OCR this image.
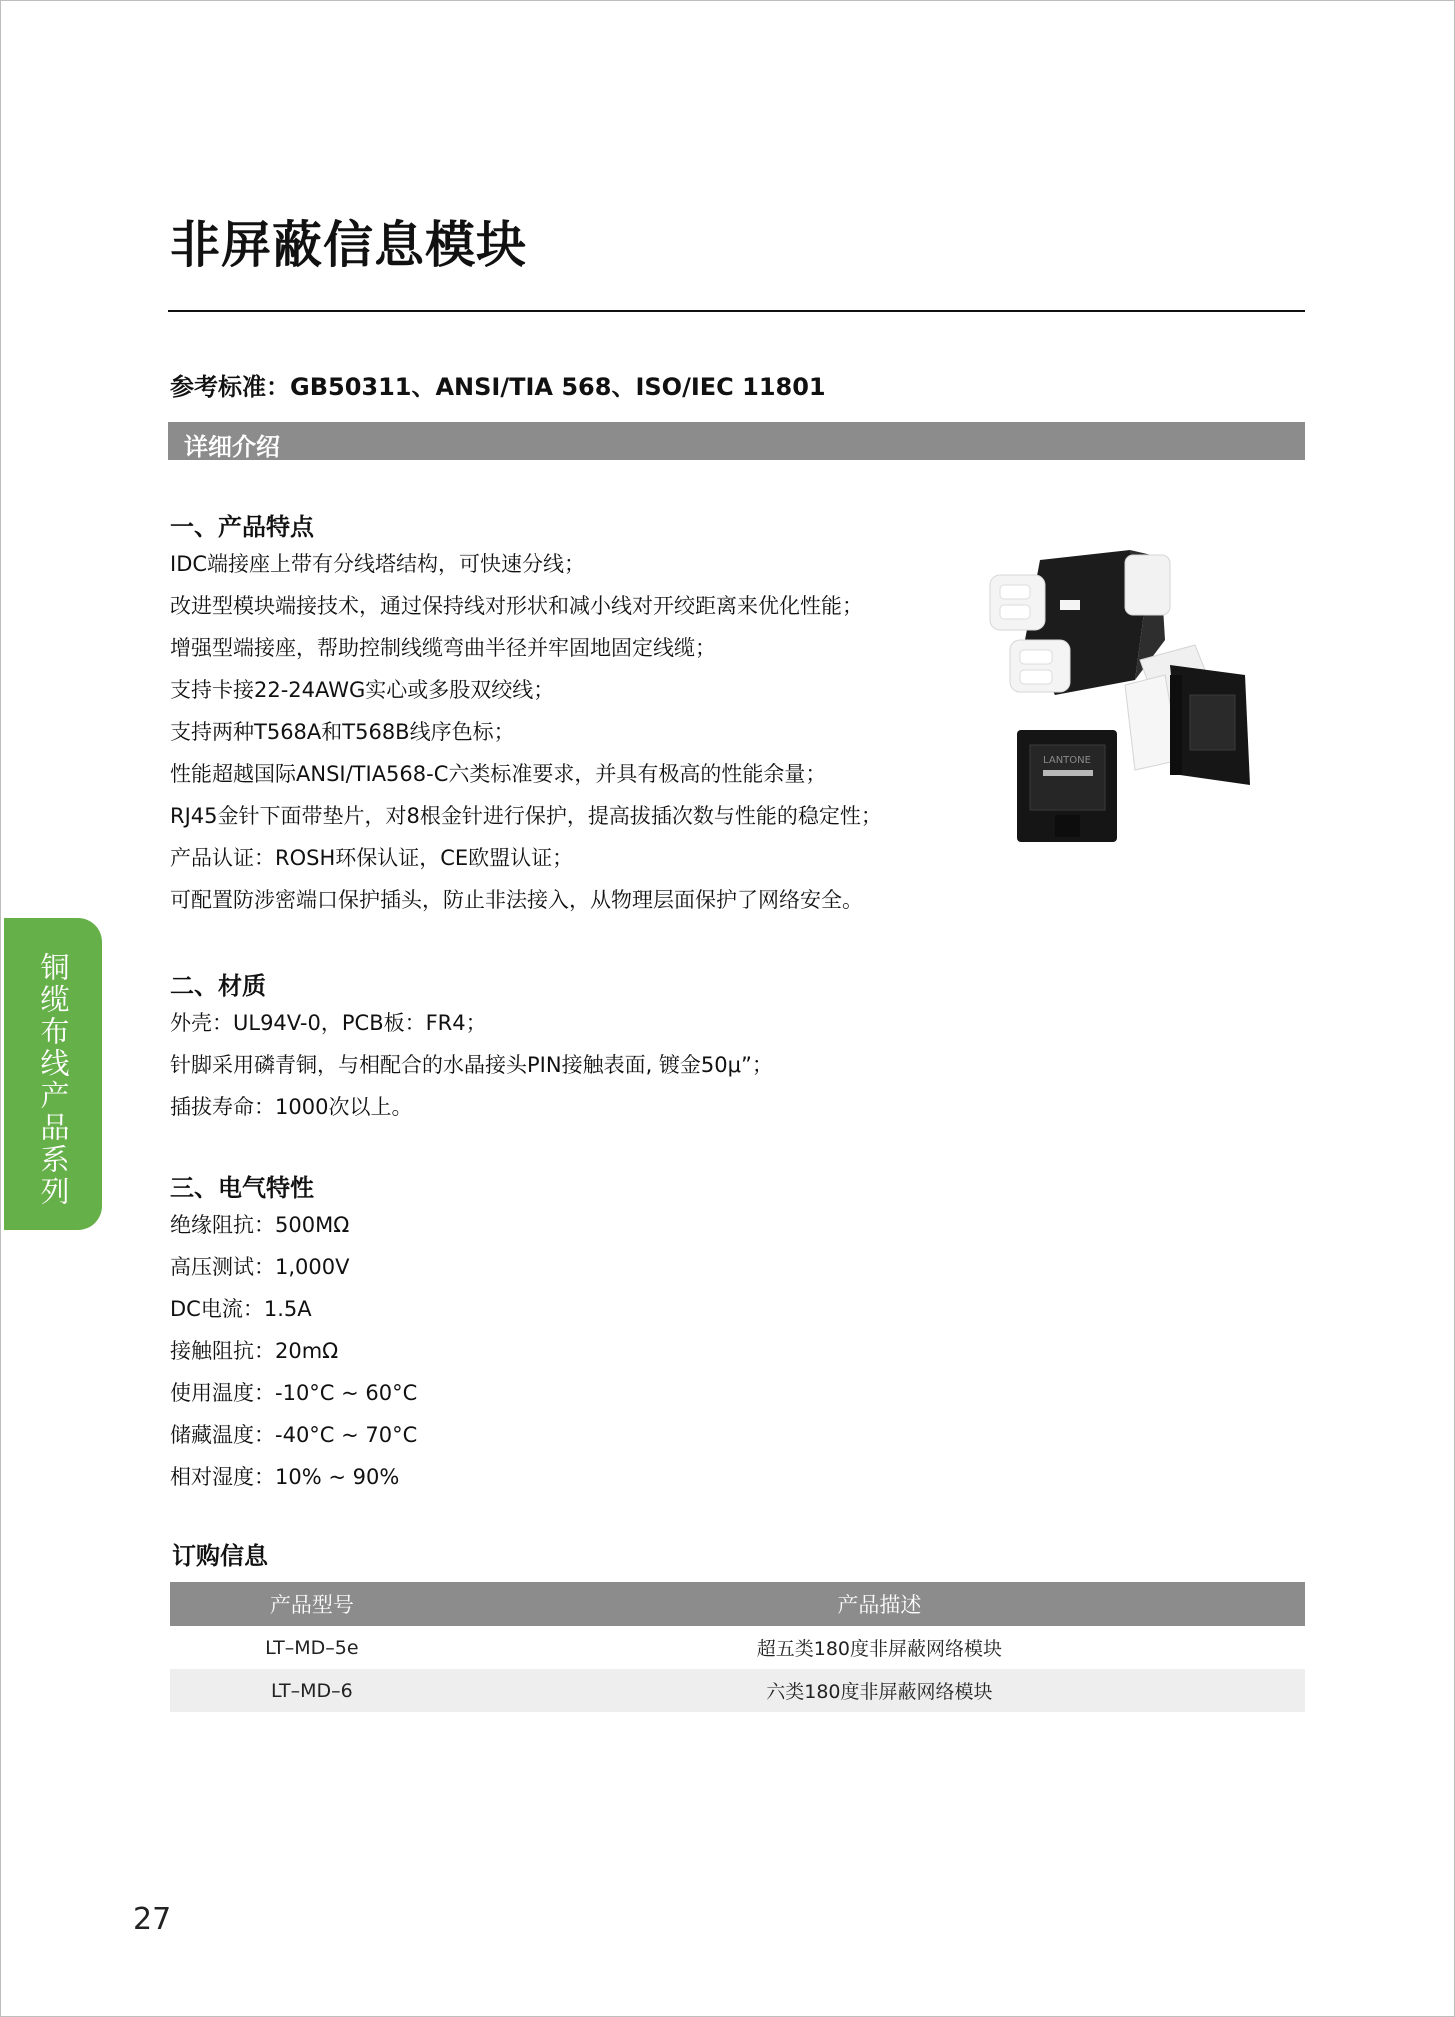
非屏蔽信息模块
参考标准：GB50311、ANSI/TIA 568、ISO/IEC 11801
详细介绍
一、产品特点
IDC端接座上带有分线塔结构，可快速分线；
改进型模块端接技术，通过保持线对形状和减小线对开绞距离来优化性能；
增强型端接座，帮助控制线缆弯曲半径并牢固地固定线缆；
支持卡接22-24AWG实心或多股双绞线；
支持两种T568A和T568B线序色标；
性能超越国际ANSI/TIA568-C六类标准要求，并具有极高的性能余量；
RJ45金针下面带垫片，对8根金针进行保护，提高拔插次数与性能的稳定性；
产品认证：ROSH环保认证，CE欧盟认证；
可配置防涉密端口保护插头，防止非法接入，从物理层面保护了网络安全。
LANTONE
二、材质
外壳：UL94V-0，PCB板：FR4；
针脚采用磷青铜，与相配合的水晶接头PIN接触表面, 镀金50μ”；
插拔寿命：1000次以上。
三、电气特性
绝缘阻抗：500MΩ
高压测试：1,000V
DC电流：1.5A
接触阻抗：20mΩ
使用温度：-10°C ~ 60°C
储藏温度：-40°C ~ 70°C
相对湿度：10% ~ 90%
铜缆布线产品系列
订购信息
产品型号	产品描述
LT–MD–5e	超五类180度非屏蔽网络模块
LT–MD–6	六类180度非屏蔽网络模块
27
